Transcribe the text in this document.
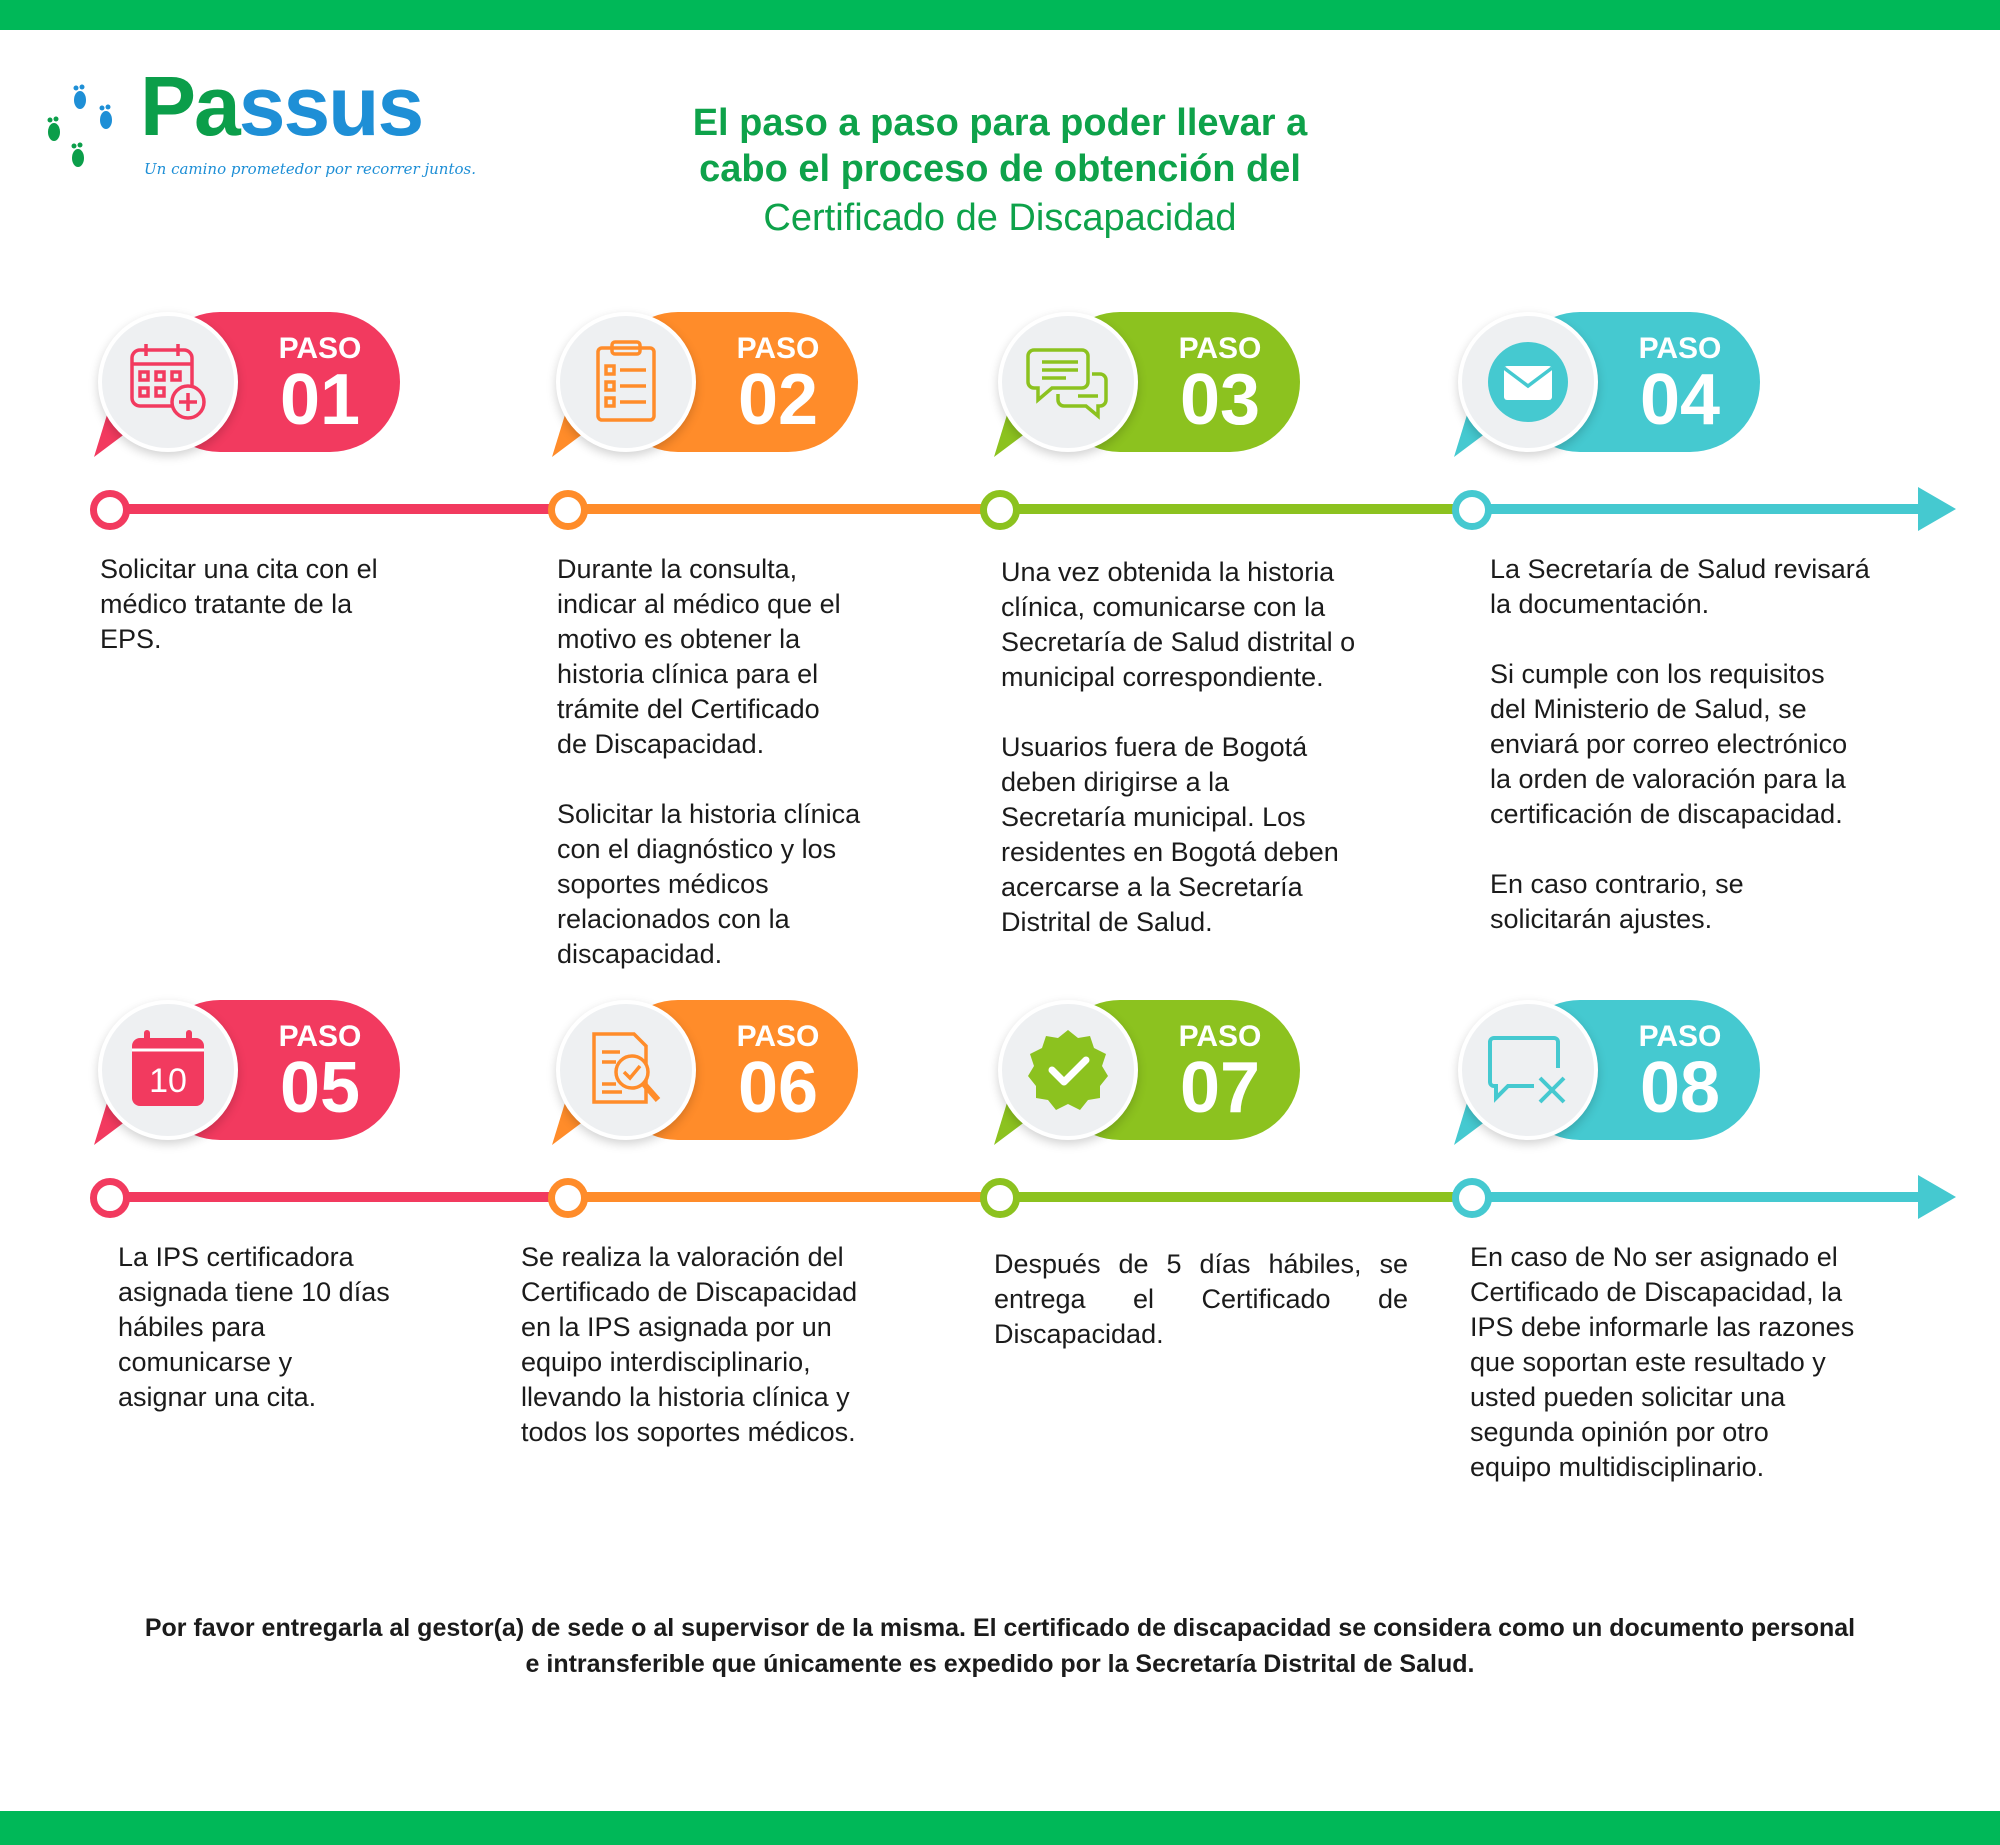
Passus
Un camino prometedor por recorrer juntos.
El paso a paso para poder llevar a
cabo el proceso de obtención del
Certificado de Discapacidad
PASO
01
PASO
02
PASO
03
PASO
04
Solicitar una cita con el
médico tratante de la
EPS.
Durante la consulta,
indicar al médico que el
motivo es obtener la
historia clínica para el
trámite del Certificado
de Discapacidad.

Solicitar la historia clínica
con el diagnóstico y los
soportes médicos
relacionados con la
discapacidad.
Una vez obtenida la historia
clínica, comunicarse con la
Secretaría de Salud distrital o
municipal correspondiente.

Usuarios fuera de Bogotá
deben dirigirse a la
Secretaría municipal. Los
residentes en Bogotá deben
acercarse a la Secretaría
Distrital de Salud.
La Secretaría de Salud revisará
la documentación.

Si cumple con los requisitos
del Ministerio de Salud, se
enviará por correo electrónico
la orden de valoración para la
certificación de discapacidad.

En caso contrario, se
solicitarán ajustes.
10
PASO
05
PASO
06
PASO
07
PASO
08
La IPS certificadora
asignada tiene 10 días
hábiles para
comunicarse y
asignar una cita.
Se realiza la valoración del
Certificado de Discapacidad
en la IPS asignada por un
equipo interdisciplinario,
llevando la historia clínica y
todos los soportes médicos.
Después de 5 días hábiles, se entrega el Certificado de Discapacidad.
En caso de No ser asignado el
Certificado de Discapacidad, la
IPS debe informarle las razones
que soportan este resultado y
usted pueden solicitar una
segunda opinión por otro
equipo multidisciplinario.
Por favor entregarla al gestor(a) de sede o al supervisor de la misma. El certificado de discapacidad se considera como un documento personal e intransferible que únicamente es expedido por la Secretaría Distrital de Salud.
